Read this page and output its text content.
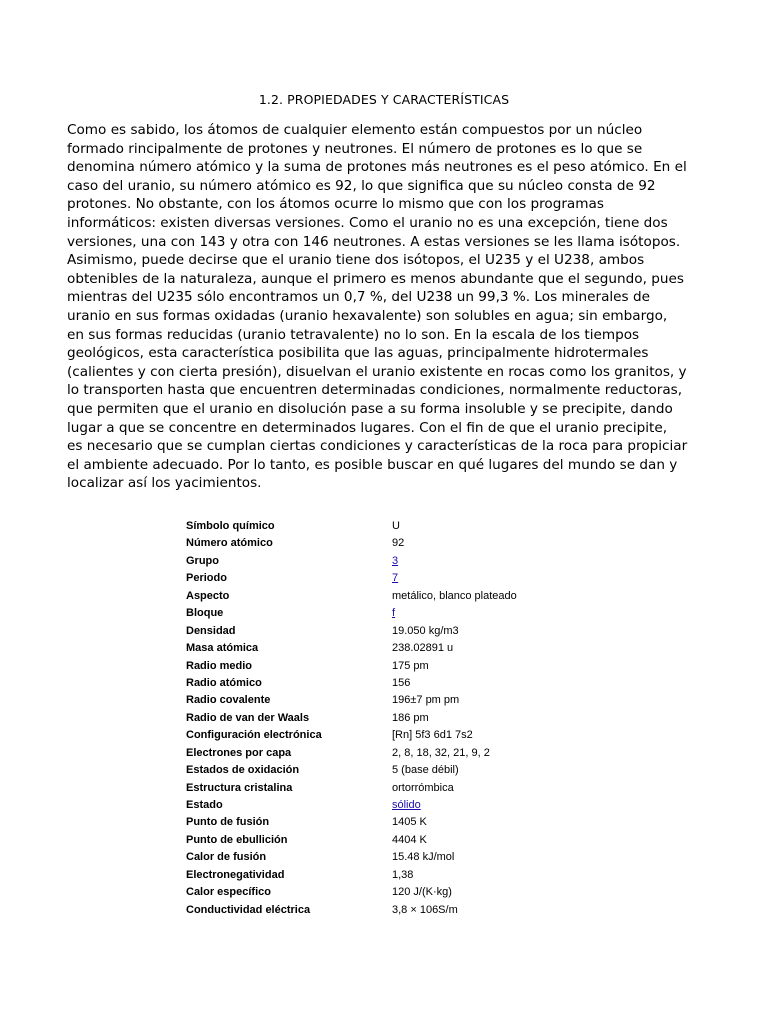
1.2. PROPIEDADES Y CARACTERÍSTICAS

Como es sabido, los átomos de cualquier elemento están compuestos por un núcleo
formado rincipalmente de protones y neutrones. El número de protones es lo que se
denomina número atómico y la suma de protones más neutrones es el peso atómico. En el
caso del uranio, su número atómico es 92, lo que significa que su núcleo consta de 92
protones. No obstante, con los átomos ocurre lo mismo que con los programas
informáticos: existen diversas versiones. Como el uranio no es una excepción, tiene dos
versiones, una con 143 y otra con 146 neutrones. A estas versiones se les llama isótopos.
Asimismo, puede decirse que el uranio tiene dos isótopos, el U235 y el U238, ambos
obtenibles de la naturaleza, aunque el primero es menos abundante que el segundo, pues
mientras del U235 sólo encontramos un 0,7 %, del U238 un 99,3 %. Los minerales de
uranio en sus formas oxidadas (uranio hexavalente) son solubles en agua; sin embargo,
en sus formas reducidas (uranio tetravalente) no lo son. En la escala de los tiempos
geológicos, esta característica posibilita que las aguas, principalmente hidrotermales
(calientes y con cierta presión), disuelvan el uranio existente en rocas como los granitos, y
lo transporten hasta que encuentren determinadas condiciones, normalmente reductoras,
que permiten que el uranio en disolución pase a su forma insoluble y se precipite, dando
lugar a que se concentre en determinados lugares. Con el fin de que el uranio precipite,
es necesario que se cumplan ciertas condiciones y características de la roca para propiciar
el ambiente adecuado. Por lo tanto, es posible buscar en qué lugares del mundo se dan y
localizar así los yacimientos.

Símbolo químico	U
Número atómico	92
Grupo	3
Periodo	7
Aspecto	metálico, blanco plateado
Bloque	f
Densidad	19.050 kg/m3
Masa atómica	238.02891 u
Radio medio	175 pm
Radio atómico	156
Radio covalente	196±7 pm pm
Radio de van der Waals	186 pm
Configuración electrónica	[Rn] 5f3 6d1 7s2
Electrones por capa	2, 8, 18, 32, 21, 9, 2
Estados de oxidación	5 (base débil)
Estructura cristalina	ortorrómbica
Estado	sólido
Punto de fusión	1405 K
Punto de ebullición	4404 K
Calor de fusión	15.48 kJ/mol
Electronegatividad	1,38
Calor específico	120 J/(K·kg)
Conductividad eléctrica	3,8 × 106S/m
